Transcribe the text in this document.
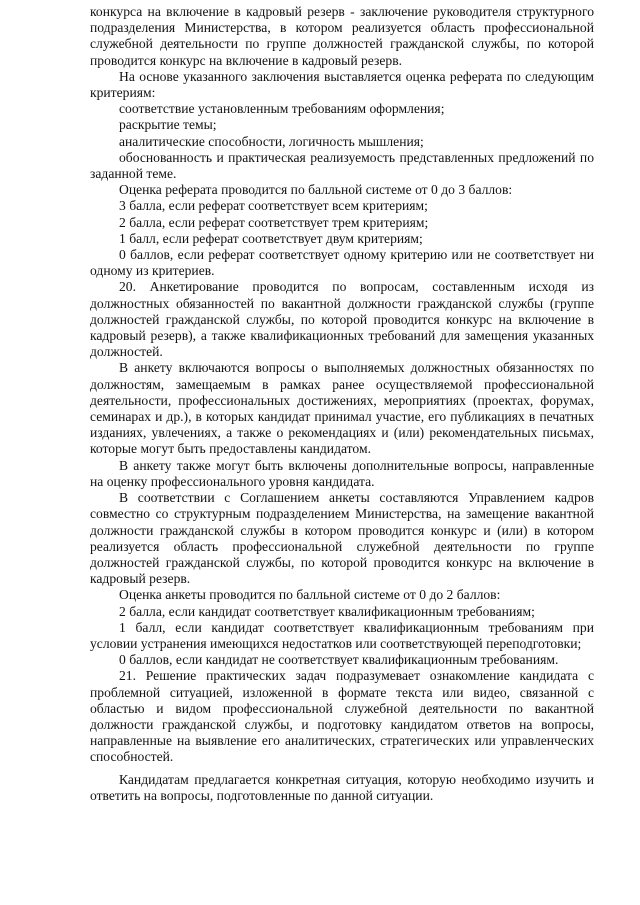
конкурса на включение в кадровый резерв - заключение руководителя структурного подразделения Министерства, в котором реализуется область профессиональной служебной деятельности по группе должностей гражданской службы, по которой проводится конкурс на включение в кадровый резерв.

На основе указанного заключения выставляется оценка реферата по следующим критериям:

соответствие установленным требованиям оформления;

раскрытие темы;

аналитические способности, логичность мышления;

обоснованность и практическая реализуемость представленных предложений по заданной теме.

Оценка реферата проводится по балльной системе от 0 до 3 баллов:

3 балла, если реферат соответствует всем критериям;

2 балла, если реферат соответствует трем критериям;

1 балл, если реферат соответствует двум критериям;

0 баллов, если реферат соответствует одному критерию или не соответствует ни одному из критериев.

20. Анкетирование проводится по вопросам, составленным исходя из должностных обязанностей по вакантной должности гражданской службы (группе должностей гражданской службы, по которой проводится конкурс на включение в кадровый резерв), а также квалификационных требований для замещения указанных должностей.

В анкету включаются вопросы о выполняемых должностных обязанностях по должностям, замещаемым в рамках ранее осуществляемой профессиональной деятельности, профессиональных достижениях, мероприятиях (проектах, форумах, семинарах и др.), в которых кандидат принимал участие, его публикациях в печатных изданиях, увлечениях, а также о рекомендациях и (или) рекомендательных письмах, которые могут быть предоставлены кандидатом.

В анкету также могут быть включены дополнительные вопросы, направленные на оценку профессионального уровня кандидата.

В соответствии с Соглашением анкеты составляются Управлением кадров совместно со структурным подразделением Министерства, на замещение вакантной должности гражданской службы в котором проводится конкурс и (или) в котором реализуется область профессиональной служебной деятельности по группе должностей гражданской службы, по которой проводится конкурс на включение в кадровый резерв.

Оценка анкеты проводится по балльной системе от 0 до 2 баллов:

2 балла, если кандидат соответствует квалификационным требованиям;

1 балл, если кандидат соответствует квалификационным требованиям при условии устранения имеющихся недостатков или соответствующей переподготовки;

0 баллов, если кандидат не соответствует квалификационным требованиям.

21. Решение практических задач подразумевает ознакомление кандидата с проблемной ситуацией, изложенной в формате текста или видео, связанной с областью и видом профессиональной служебной деятельности по вакантной должности гражданской службы, и подготовку кандидатом ответов на вопросы, направленные на выявление его аналитических, стратегических или управленческих способностей.

Кандидатам предлагается конкретная ситуация, которую необходимо изучить и ответить на вопросы, подготовленные по данной ситуации.
